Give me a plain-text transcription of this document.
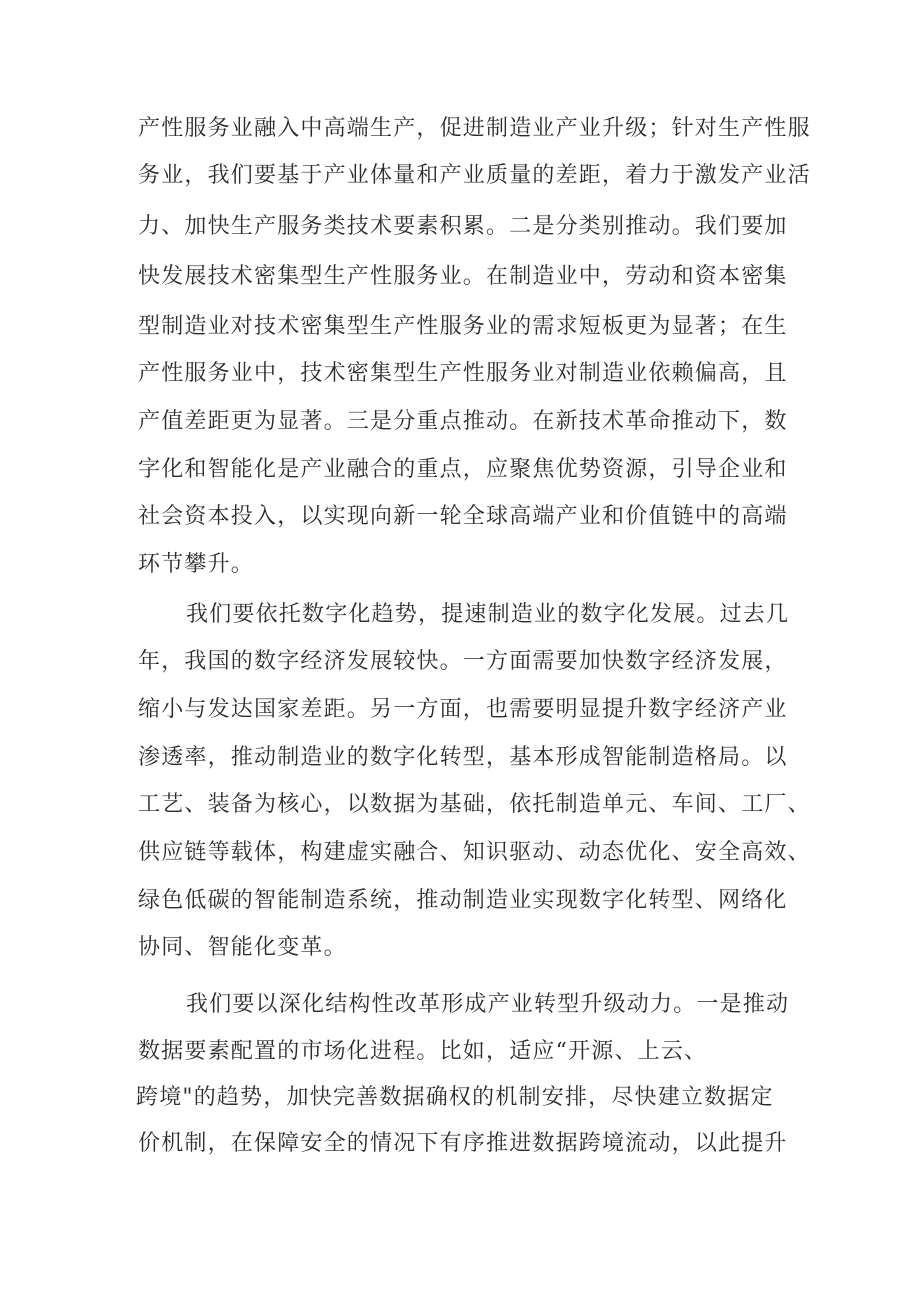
产性服务业融入中高端生产，促进制造业产业升级；针对生产性服
务业，我们要基于产业体量和产业质量的差距，着力于激发产业活
力、加快生产服务类技术要素积累。二是分类别推动。我们要加
快发展技术密集型生产性服务业。在制造业中，劳动和资本密集
型制造业对技术密集型生产性服务业的需求短板更为显著；在生
产性服务业中，技术密集型生产性服务业对制造业依赖偏高，且
产值差距更为显著。三是分重点推动。在新技术革命推动下，数
字化和智能化是产业融合的重点，应聚焦优势资源，引导企业和
社会资本投入，以实现向新一轮全球高端产业和价值链中的高端
环节攀升。
我们要依托数字化趋势，提速制造业的数字化发展。过去几
年，我国的数字经济发展较快。一方面需要加快数字经济发展，
缩小与发达国家差距。另一方面，也需要明显提升数字经济产业
渗透率，推动制造业的数字化转型，基本形成智能制造格局。以
工艺、装备为核心，以数据为基础，依托制造单元、车间、工厂、
供应链等载体，构建虚实融合、知识驱动、动态优化、安全高效、
绿色低碳的智能制造系统，推动制造业实现数字化转型、网络化
协同、智能化变革。
我们要以深化结构性改革形成产业转型升级动力。一是推动
数据要素配置的市场化进程。比如，适应“开源、上云、
跨境"的趋势，加快完善数据确权的机制安排，尽快建立数据定
价机制，在保障安全的情况下有序推进数据跨境流动，以此提升
